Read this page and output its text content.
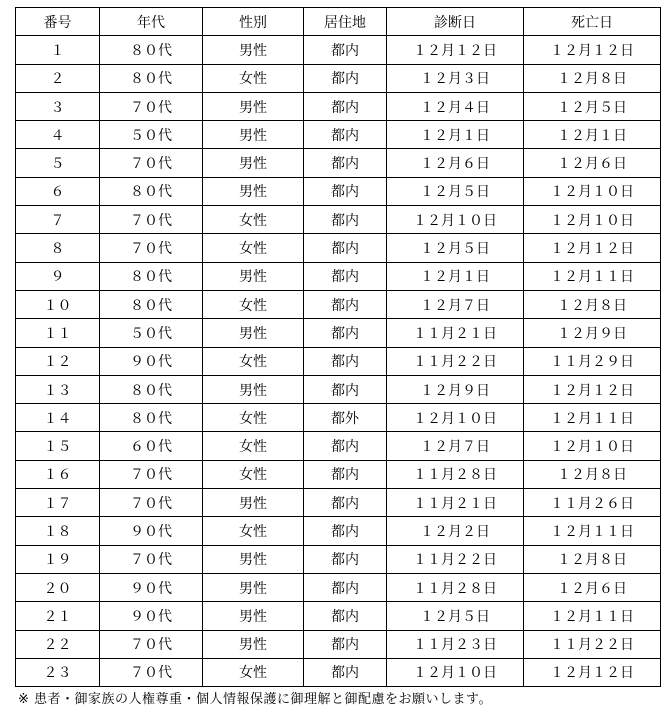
番号	年代	性別	居住地	診断日	死亡日
１	８０代	男性	都内	１２月１２日	１２月１２日
２	８０代	女性	都内	１２月３日	１２月８日
３	７０代	男性	都内	１２月４日	１２月５日
４	５０代	男性	都内	１２月１日	１２月１日
５	７０代	男性	都内	１２月６日	１２月６日
６	８０代	男性	都内	１２月５日	１２月１０日
７	７０代	女性	都内	１２月１０日	１２月１０日
８	７０代	女性	都内	１２月５日	１２月１２日
９	８０代	男性	都内	１２月１日	１２月１１日
１０	８０代	女性	都内	１２月７日	１２月８日
１１	５０代	男性	都内	１１月２１日	１２月９日
１２	９０代	女性	都内	１１月２２日	１１月２９日
１３	８０代	男性	都内	１２月９日	１２月１２日
１４	８０代	女性	都外	１２月１０日	１２月１１日
１５	６０代	女性	都内	１２月７日	１２月１０日
１６	７０代	女性	都内	１１月２８日	１２月８日
１７	７０代	男性	都内	１１月２１日	１１月２６日
１８	９０代	女性	都内	１２月２日	１２月１１日
１９	７０代	男性	都内	１１月２２日	１２月８日
２０	９０代	男性	都内	１１月２８日	１２月６日
２１	９０代	男性	都内	１２月５日	１２月１１日
２２	７０代	男性	都内	１１月２３日	１１月２２日
２３	７０代	女性	都内	１２月１０日	１２月１２日
※ 患者・御家族の人権尊重・個人情報保護に御理解と御配慮をお願いします。
